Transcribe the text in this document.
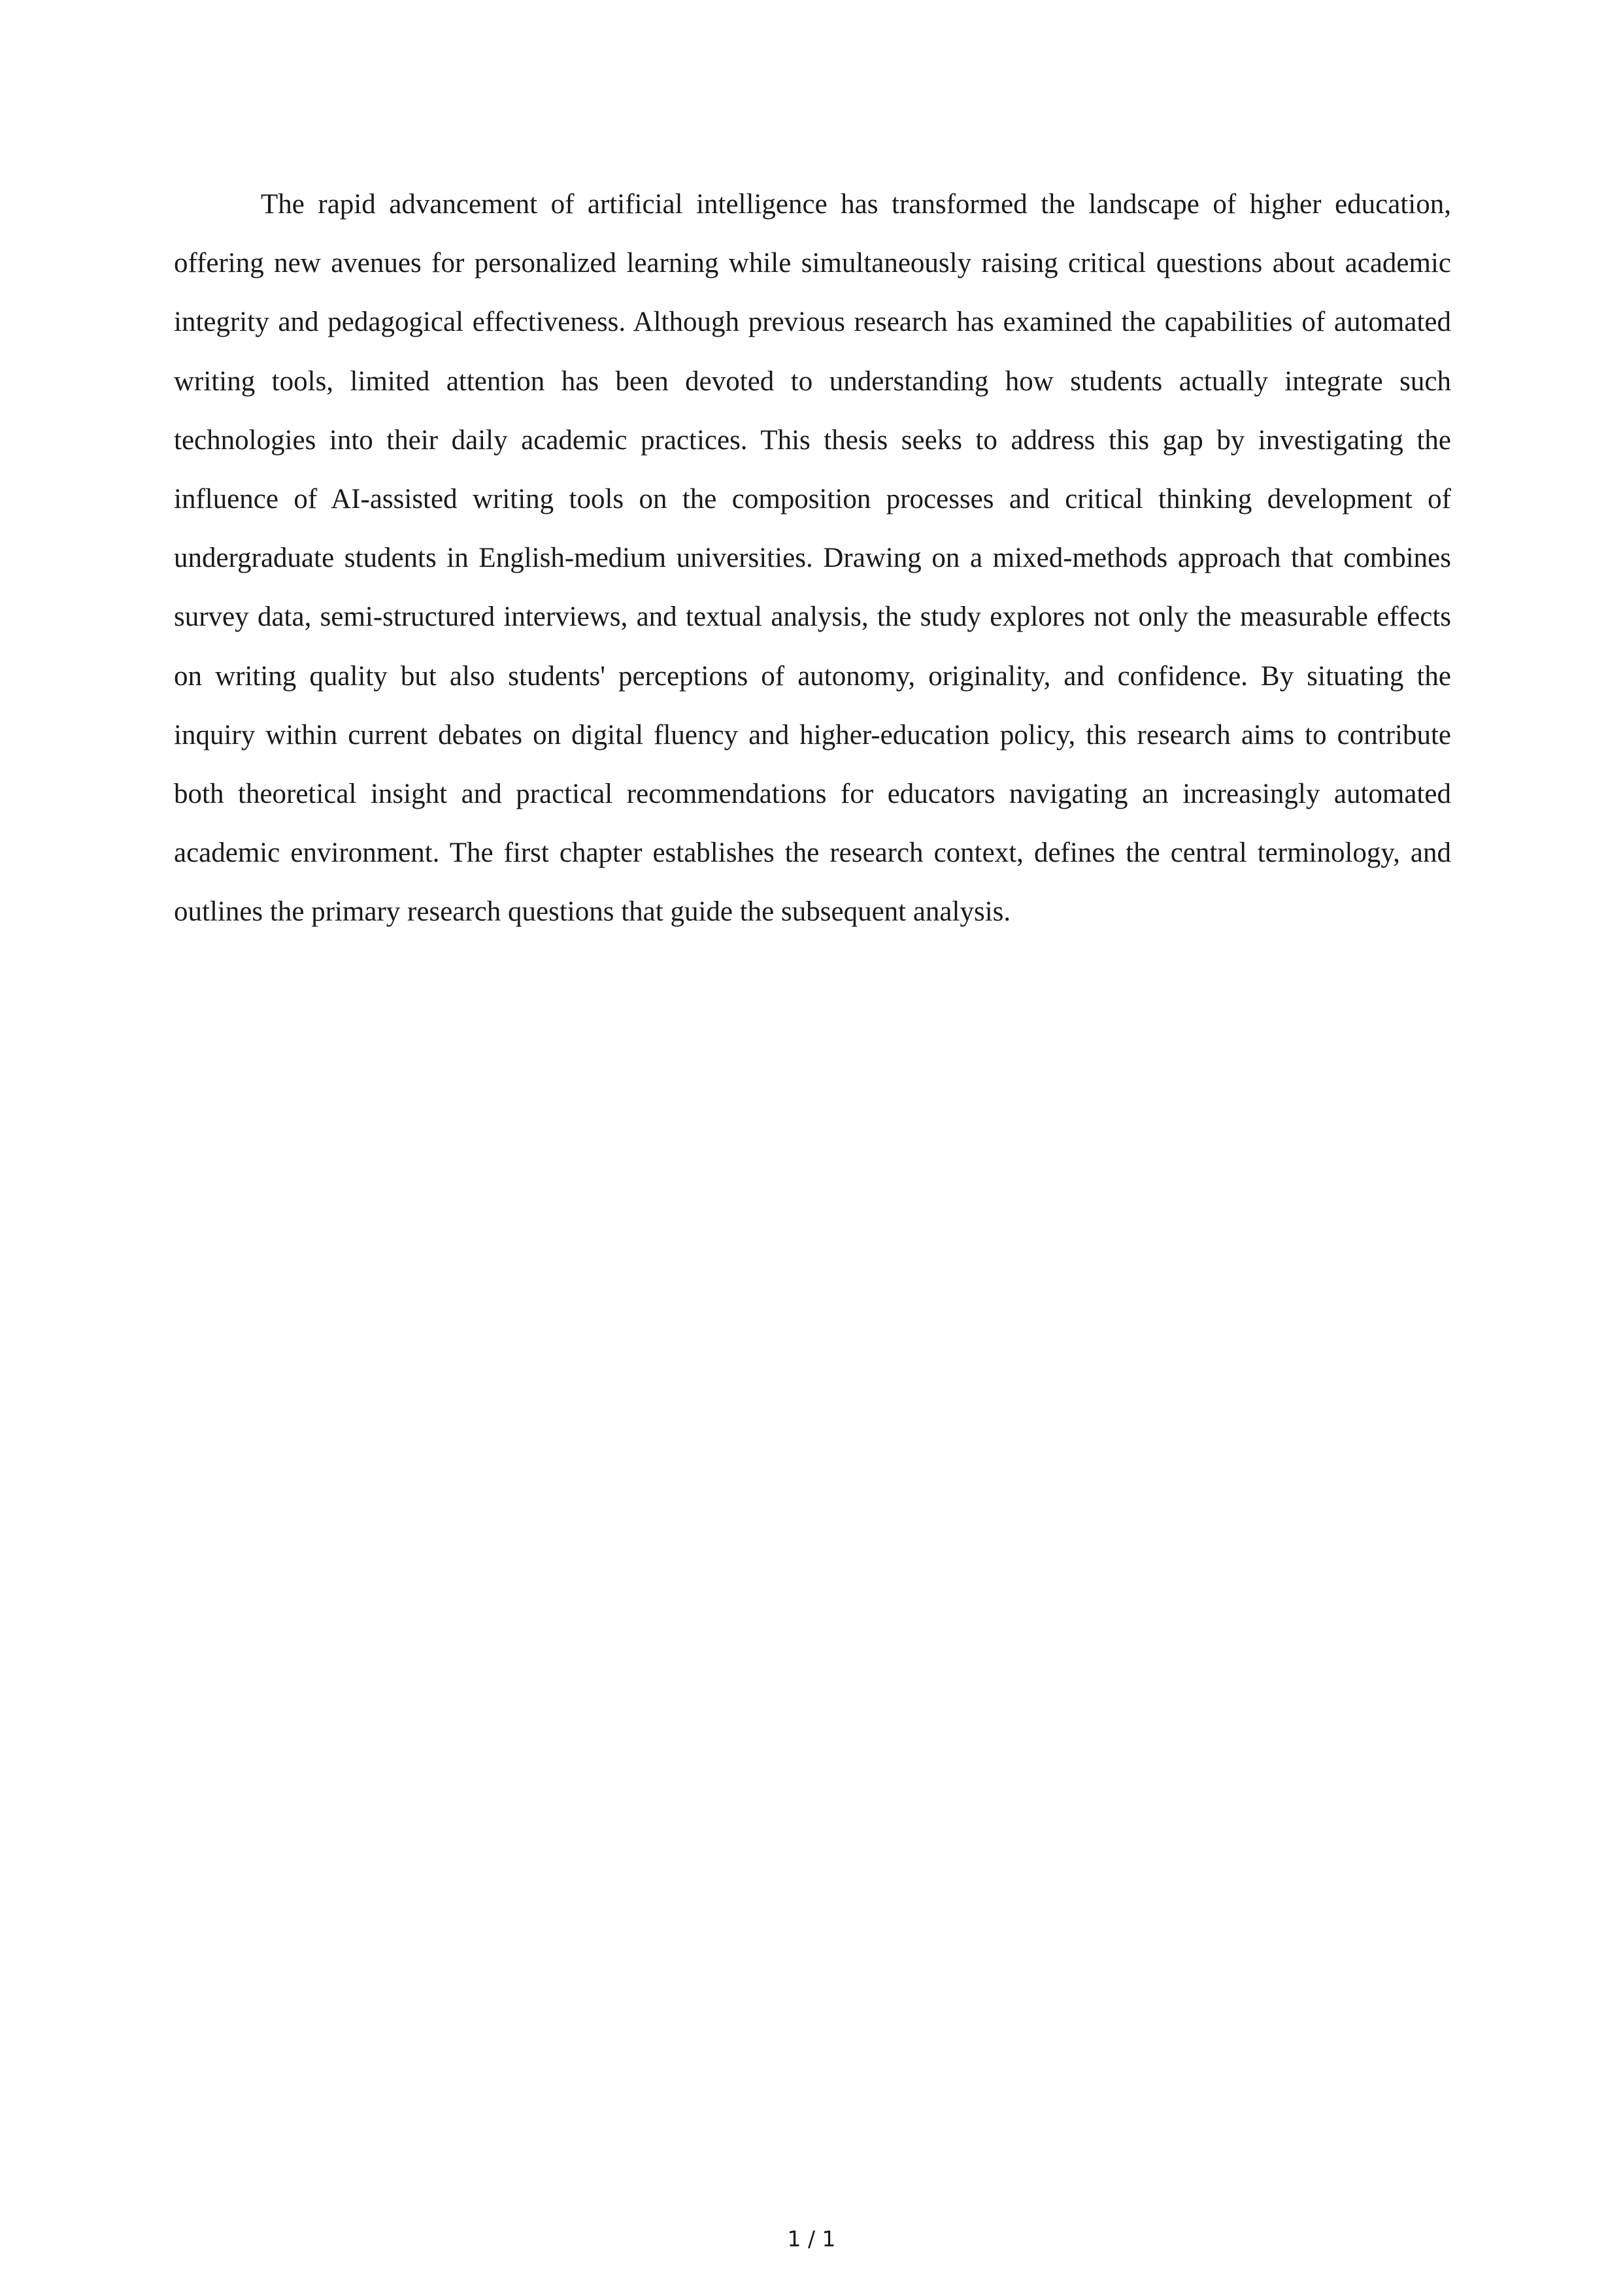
The rapid advancement of artificial intelligence has transformed the landscape of higher education, offering new avenues for personalized learning while simultaneously raising critical questions about academic integrity and pedagogical effectiveness. Although previous research has examined the capabilities of automated writing tools, limited attention has been devoted to understanding how students actually integrate such technologies into their daily academic practices. This thesis seeks to address this gap by investigating the influence of AI-assisted writing tools on the composition processes and critical thinking development of undergraduate students in English-medium universities. Drawing on a mixed-methods approach that combines survey data, semi-structured interviews, and textual analysis, the study explores not only the measurable effects on writing quality but also students' perceptions of autonomy, originality, and confidence. By situating the inquiry within current debates on digital fluency and higher-education policy, this research aims to contribute both theoretical insight and practical recommendations for educators navigating an increasingly automated academic environment. The first chapter establishes the research context, defines the central terminology, and outlines the primary research questions that guide the subsequent analysis.

1 / 1
